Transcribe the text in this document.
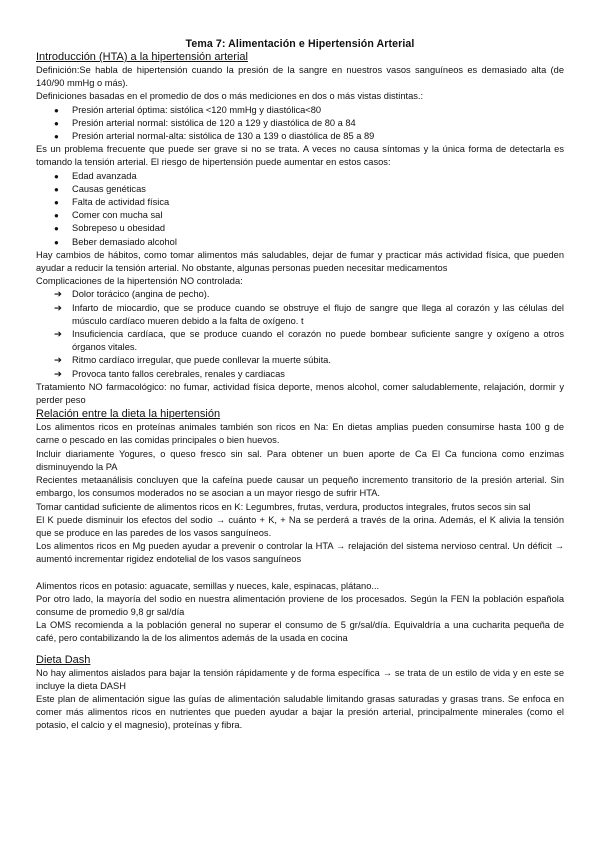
Tema 7: Alimentación e Hipertensión Arterial
Introducción (HTA) a la hipertensión arterial

Definición:Se habla de hipertensión cuando la presión de la sangre en nuestros vasos sanguíneos es demasiado alta (de 140/90 mmHg o más).

Definiciones basadas en el promedio de dos o más mediciones en dos o más vistas distintas.:

● Presión arterial óptima: sistólica <120 mmHg y diastólica<80
● Presión arterial normal: sistólica de 120 a 129 y diastólica de 80 a 84
● Presión arterial normal-alta: sistólica de 130 a 139 o diastólica de 85 a 89

Es un problema frecuente que puede ser grave si no se trata. A veces no causa síntomas y la única forma de detectarla es tomando la tensión arterial. El riesgo de hipertensión puede aumentar en estos casos:

● Edad avanzada
● Causas genéticas
● Falta de actividad física
● Comer con mucha sal
● Sobrepeso u obesidad
● Beber demasiado alcohol

Hay cambios de hábitos, como tomar alimentos más saludables, dejar de fumar y practicar más actividad física, que pueden ayudar a reducir la tensión arterial. No obstante, algunas personas pueden necesitar medicamentos

Complicaciones de la hipertensión NO controlada:

➔ Dolor torácico (angina de pecho).
➔ Infarto de miocardio, que se produce cuando se obstruye el flujo de sangre que llega al corazón y las células del músculo cardíaco mueren debido a la falta de oxígeno. t
➔ Insuficiencia cardíaca, que se produce cuando el corazón no puede bombear suficiente sangre y oxígeno a otros órganos vitales.
➔ Ritmo cardíaco irregular, que puede conllevar la muerte súbita.
➔ Provoca tanto fallos cerebrales, renales y cardiacas

Tratamiento NO farmacológico: no fumar, actividad física deporte, menos alcohol, comer saludablemente, relajación, dormir y perder peso

Relación entre la dieta la hipertensión

Los alimentos ricos en proteínas animales también son ricos en Na: En dietas amplias pueden consumirse hasta 100 g de carne o pescado en las comidas principales o bien huevos.

Incluir diariamente Yogures, o queso fresco sin sal. Para obtener un buen aporte de Ca El Ca funciona como enzimas disminuyendo la PA

Recientes metaanálisis concluyen que la cafeína puede causar un pequeño incremento transitorio de la presión arterial. Sin embargo, los consumos moderados no se asocian a un mayor riesgo de sufrir HTA.

Tomar cantidad suficiente de alimentos ricos en K: Legumbres, frutas, verdura, productos integrales, frutos secos sin sal

El K puede disminuir los efectos del sodio → cuánto + K, + Na se perderá a través de la orina. Además, el K alivia la tensión que se produce en las paredes de los vasos sanguíneos.

Los alimentos ricos en Mg pueden ayudar a prevenir o controlar la HTA → relajación del sistema nervioso central. Un déficit → aumentó incrementar rigidez endotelial de los vasos sanguíneos

Alimentos ricos en potasio: aguacate, semillas y nueces, kale, espinacas, plátano...

Por otro lado, la mayoría del sodio en nuestra alimentación proviene de los procesados. Según la FEN la población española consume de promedio 9,8 gr sal/día

La OMS recomienda a la población general no superar el consumo de 5 gr/sal/día. Equivaldría a una cucharita pequeña de café, pero contabilizando la de los alimentos además de la usada en cocina

Dieta Dash

No hay alimentos aislados para bajar la tensión rápidamente y de forma específica → se trata de un estilo de vida y en este se incluye la dieta DASH

Este plan de alimentación sigue las guías de alimentación saludable limitando grasas saturadas y grasas trans. Se enfoca en comer más alimentos ricos en nutrientes que pueden ayudar a bajar la presión arterial, principalmente minerales (como el potasio, el calcio y el magnesio), proteínas y fibra.
